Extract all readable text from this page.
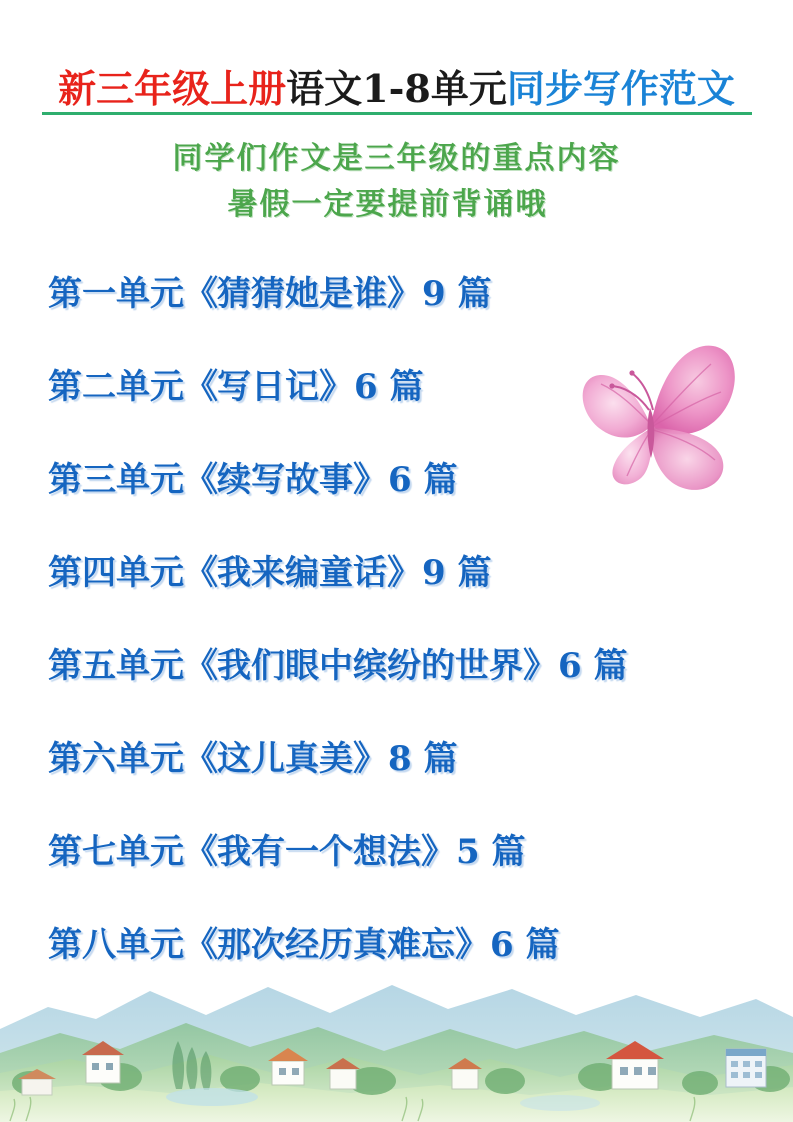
新三年级上册语文1-8单元同步写作范文
同学们作文是三年级的重点内容
暑假一定要提前背诵哦
第一单元《猜猜她是谁》9 篇
第二单元《写日记》6 篇
第三单元《续写故事》6 篇
第四单元《我来编童话》9 篇
第五单元《我们眼中缤纷的世界》6 篇
第六单元《这儿真美》8 篇
第七单元《我有一个想法》5 篇
第八单元《那次经历真难忘》6 篇
